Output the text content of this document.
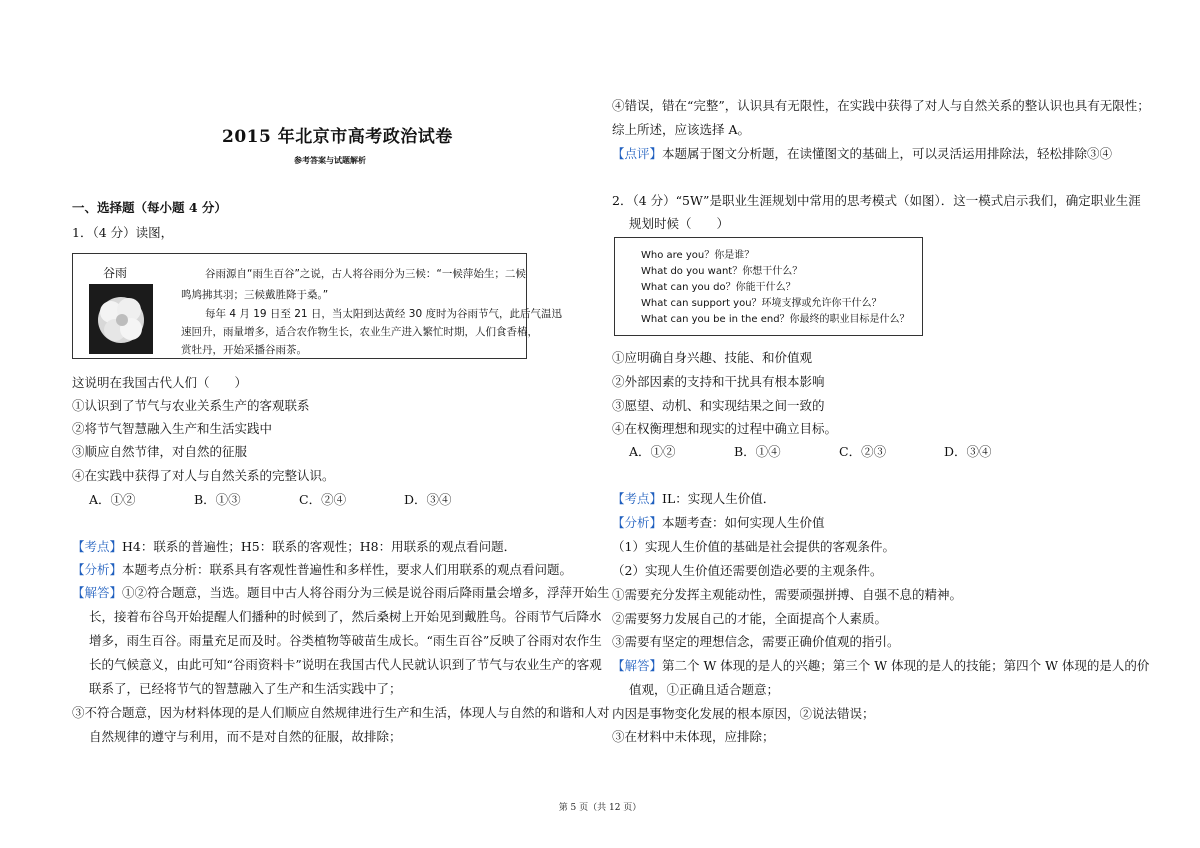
2015 年北京市高考政治试卷
参考答案与试题解析
一、选择题（每小题 4 分）
1．（4 分）读图，
谷雨	谷雨源自“雨生百谷”之说，古人将谷雨分为三候：“一候萍始生；二候
鸣鸠拂其羽；三候戴胜降于桑。”
每年 4 月 19 日至 21 日，当太阳到达黄经 30 度时为谷雨节气，此后气温迅
速回升，雨量增多，适合农作物生长，农业生产进入繁忙时期，人们食香椿，
赏牡丹，开始采播谷雨茶。
这说明在我国古代人们（　　）
①认识到了节气与农业关系生产的客观联系
②将节气智慧融入生产和生活实践中
③顺应自然节律，对自然的征服
④在实践中获得了对人与自然关系的完整认识。
A．①②	B．①③	C．②④	D．③④
【考点】H4：联系的普遍性；H5：联系的客观性；H8：用联系的观点看问题．
【分析】本题考点分析：联系具有客观性普遍性和多样性，要求人们用联系的观点看问题。
【解答】①②符合题意，当选。题目中古人将谷雨分为三候是说谷雨后降雨量会增多，浮萍开始生
长，接着布谷鸟开始提醒人们播种的时候到了，然后桑树上开始见到戴胜鸟。谷雨节气后降水
增多，雨生百谷。雨量充足而及时。谷类植物等破苗生成长。“雨生百谷”反映了谷雨对农作生
长的气候意义，由此可知“谷雨资料卡”说明在我国古代人民就认识到了节气与农业生产的客观
联系了，已经将节气的智慧融入了生产和生活实践中了；
③不符合题意，因为材料体现的是人们顺应自然规律进行生产和生活，体现人与自然的和谐和人对
自然规律的遵守与利用，而不是对自然的征服，故排除；
④错误，错在“完整”，认识具有无限性，在实践中获得了对人与自然关系的整认识也具有无限性；
综上所述，应该选择 A。
【点评】本题属于图文分析题，在读懂图文的基础上，可以灵活运用排除法，轻松排除③④
2．（4 分）“5W”是职业生涯规划中常用的思考模式（如图）．这一模式启示我们，确定职业生涯
规划时候（　　）
Who are you？你是谁？
What do you want？你想干什么？
What can you do？你能干什么？
What can support you？环境支撑或允许你干什么？
What can you be in the end？你最终的职业目标是什么？
①应明确自身兴趣、技能、和价值观
②外部因素的支持和干扰具有根本影响
③愿望、动机、和实现结果之间一致的
④在权衡理想和现实的过程中确立目标。
A．①②	B．①④	C．②③	D．③④
【考点】IL：实现人生价值．
【分析】本题考查：如何实现人生价值
（1）实现人生价值的基础是社会提供的客观条件。
（2）实现人生价值还需要创造必要的主观条件。
①需要充分发挥主观能动性，需要顽强拼搏、自强不息的精神。
②需要努力发展自己的才能，全面提高个人素质。
③需要有坚定的理想信念，需要正确价值观的指引。
【解答】第二个 W 体现的是人的兴趣；第三个 W 体现的是人的技能；第四个 W 体现的是人的价
值观，①正确且适合题意；
内因是事物变化发展的根本原因，②说法错误；
③在材料中未体现，应排除；
第 5 页（共 12 页）
